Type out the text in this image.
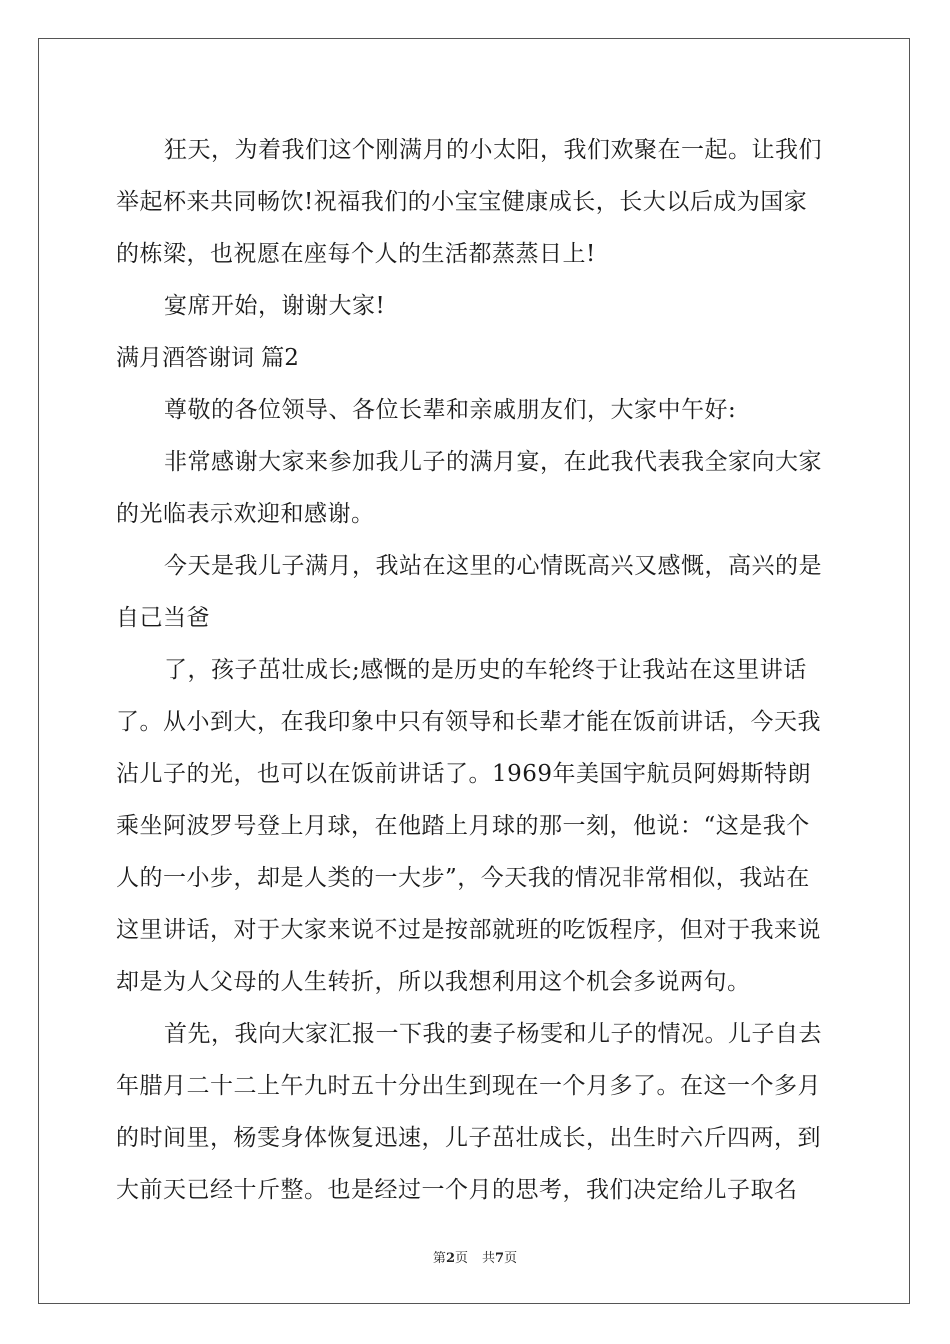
狂天，为着我们这个刚满月的小太阳，我们欢聚在一起。让我们
举起杯来共同畅饮!祝福我们的小宝宝健康成长，长大以后成为国家
的栋梁，也祝愿在座每个人的生活都蒸蒸日上!
宴席开始，谢谢大家!
满月酒答谢词 篇2
尊敬的各位领导、各位长辈和亲戚朋友们，大家中午好:
非常感谢大家来参加我儿子的满月宴，在此我代表我全家向大家
的光临表示欢迎和感谢。
今天是我儿子满月，我站在这里的心情既高兴又感慨，高兴的是
自己当爸
了，孩子茁壮成长;感慨的是历史的车轮终于让我站在这里讲话
了。从小到大，在我印象中只有领导和长辈才能在饭前讲话，今天我
沾儿子的光，也可以在饭前讲话了。1969年美国宇航员阿姆斯特朗
乘坐阿波罗号登上月球，在他踏上月球的那一刻，他说：“这是我个
人的一小步，却是人类的一大步”，今天我的情况非常相似，我站在
这里讲话，对于大家来说不过是按部就班的吃饭程序，但对于我来说
却是为人父母的人生转折，所以我想利用这个机会多说两句。
首先，我向大家汇报一下我的妻子杨雯和儿子的情况。儿子自去
年腊月二十二上午九时五十分出生到现在一个月多了。在这一个多月
的时间里，杨雯身体恢复迅速，儿子茁壮成长，出生时六斤四两，到
大前天已经十斤整。也是经过一个月的思考，我们决定给儿子取名
第2页 共7页
